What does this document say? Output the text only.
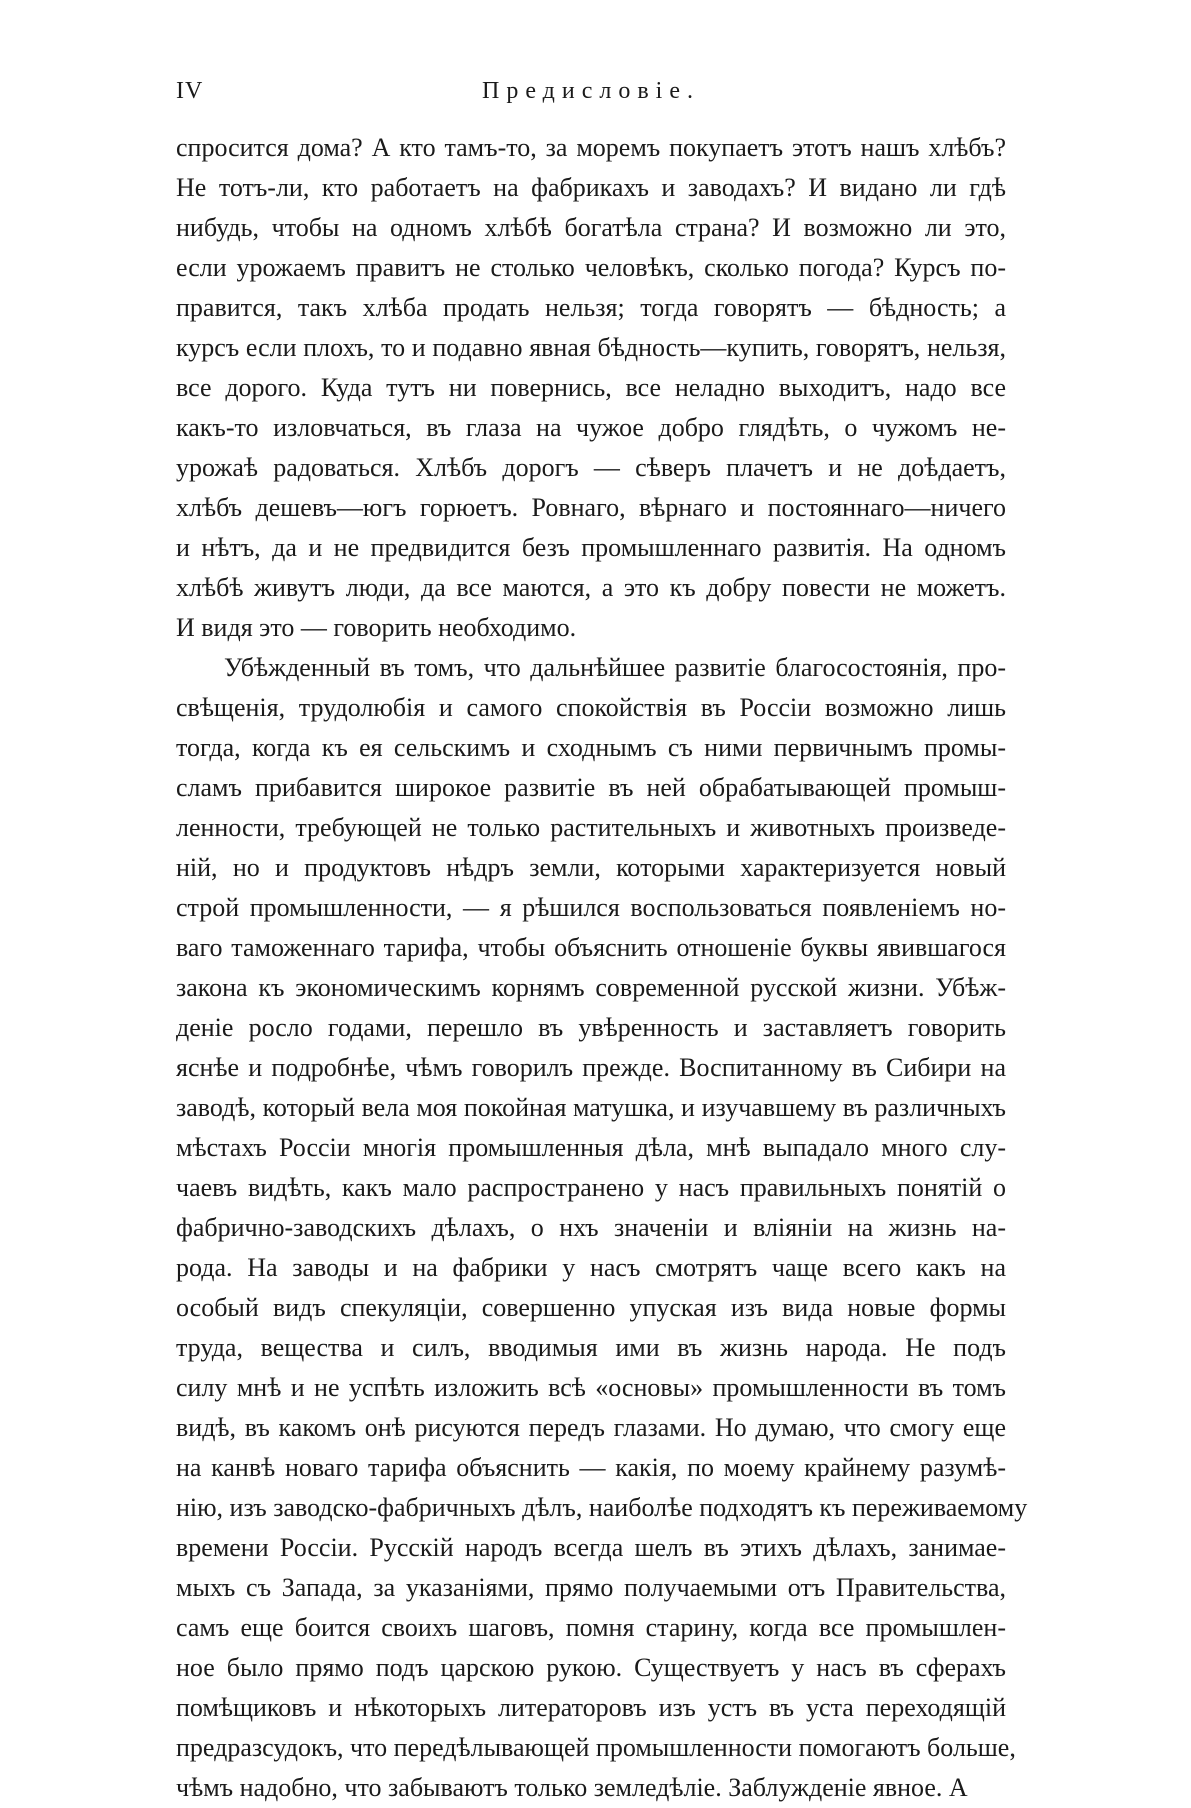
IV	Предисловіе.
спросится дома? А кто тамъ-то, за моремъ покупаетъ этотъ нашъ хлѣбъ?
Не тотъ-ли, кто работаетъ на фабрикахъ и заводахъ? И видано ли гдѣ
нибудь, чтобы на одномъ хлѣбѣ богатѣла страна? И возможно ли это,
если урожаемъ правитъ не столько человѣкъ, сколько погода? Курсъ по-
правится, такъ хлѣба продать нельзя; тогда говорятъ — бѣдность; а
курсъ если плохъ, то и подавно явная бѣдность—купить, говорятъ, нельзя,
все дорого. Куда тутъ ни повернись, все неладно выходитъ, надо все
какъ-то изловчаться, въ глаза на чужое добро глядѣть, о чужомъ не-
урожаѣ радоваться. Хлѣбъ дорогъ — сѣверъ плачетъ и не доѣдаетъ,
хлѣбъ дешевъ—югъ горюетъ. Ровнаго, вѣрнаго и постояннаго—ничего
и нѣтъ, да и не предвидится безъ промышленнаго развитія. На одномъ
хлѣбѣ живутъ люди, да все маются, а это къ добру повести не можетъ.
И видя это — говорить необходимо.
Убѣжденный въ томъ, что дальнѣйшее развитіе благосостоянія, про-
свѣщенія, трудолюбія и самого спокойствія въ Россіи возможно лишь
тогда, когда къ ея сельскимъ и сходнымъ съ ними первичнымъ промы-
сламъ прибавится широкое развитіе въ ней обрабатывающей промыш-
ленности, требующей не только растительныхъ и животныхъ произведе-
ній, но и продуктовъ нѣдръ земли, которыми характеризуется новый
строй промышленности, — я рѣшился воспользоваться появленіемъ но-
ваго таможеннаго тарифа, чтобы объяснить отношеніе буквы явившагося
закона къ экономическимъ корнямъ современной русской жизни. Убѣж-
деніе росло годами, перешло въ увѣренность и заставляетъ говорить
яснѣе и подробнѣе, чѣмъ говорилъ прежде. Воспитанному въ Сибири на
заводѣ, который вела моя покойная матушка, и изучавшему въ различныхъ
мѣстахъ Россіи многія промышленныя дѣла, мнѣ выпадало много слу-
чаевъ видѣть, какъ мало распространено у насъ правильныхъ понятій о
фабрично-заводскихъ дѣлахъ, о нхъ значеніи и вліяніи на жизнь на-
рода. На заводы и на фабрики у насъ смотрятъ чаще всего какъ на
особый видъ спекуляціи, совершенно упуская изъ вида новые формы
труда, вещества и силъ, вводимыя ими въ жизнь народа. Не подъ
силу мнѣ и не успѣть изложить всѣ «основы» промышленности въ томъ
видѣ, въ какомъ онѣ рисуются передъ глазами. Но думаю, что смогу еще
на канвѣ новаго тарифа объяснить — какія, по моему крайнему разумѣ-
нію, изъ заводско-фабричныхъ дѣлъ, наиболѣе подходятъ къ переживаемому
времени Россіи. Русскій народъ всегда шелъ въ этихъ дѣлахъ, занимае-
мыхъ съ Запада, за указаніями, прямо получаемыми отъ Правительства,
самъ еще боится своихъ шаговъ, помня старину, когда все промышлен-
ное было прямо подъ царскою рукою. Существуетъ у насъ въ сферахъ
помѣщиковъ и нѣкоторыхъ литераторовъ изъ устъ въ уста переходящій
предразсудокъ, что передѣлывающей промышленности помогаютъ больше,
чѣмъ надобно, что забываютъ только земледѣліе. Заблужденіе явное. А
